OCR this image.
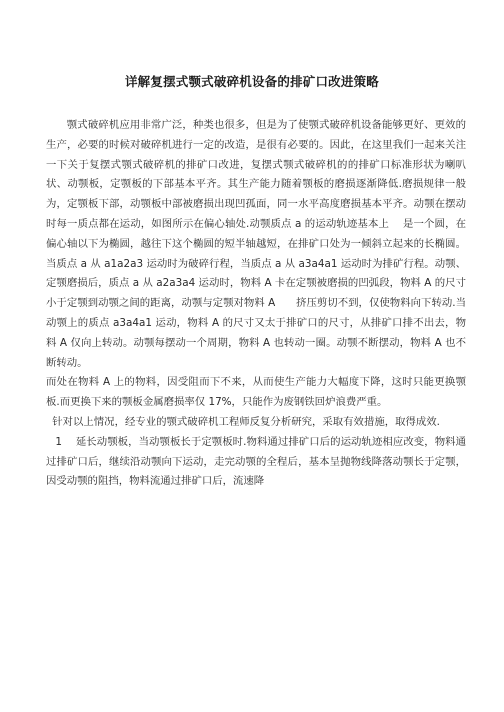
详解复摆式颚式破碎机设备的排矿口改进策略

颚式破碎机应用非常广泛，种类也很多，但是为了使颚式破碎机设备能够更好、更效的生产，必要的时候对破碎机进行一定的改造，是很有必要的。因此，在这里我们一起来关注一下关于复摆式颚式破碎机的排矿口改进，复摆式颚式破碎机的的排矿口标准形状为喇叭状、动颚板，定颚板的下部基本平齐。其生产能力随着颚板的磨损逐渐降低.磨损规律一般为，定颚板下部，动颚板中部被磨损出现凹孤面，同一水平高度磨损基本平齐。动颚在摆动时每一质点都在运动，如图所示在偏心轴处.动颚质点 a 的运动轨迹基本上　 是一个圆，在偏心轴以下为椭圆，越往下这个椭圆的短半轴越短，在排矿口处为一倾斜立起来的长椭圆。当质点 a 从 a1a2a3 运动时为破碎行程，当质点 a 从 a3a4a1 运动时为排矿行程。动颚、定颚磨损后，质点 a 从 a2a3a4 运动时，物料 A 卡在定颚被磨损的凹弧段，物料 A 的尺寸小于定颚到动颚之间的距离，动颚与定颚对物料 A　　挤压剪切不到，仅使物料向下转动.当动颚上的质点 a3a4a1 运动，物料 A 的尺寸又太于排矿口的尺寸，从排矿口排不出去，物料 A 仅向上转动。动颚每摆动一个周期，物料 A 也转动一圈。动颚不断摆动，物料 A 也不断转动。

而处在物料 A 上的物料，因受阻而下不来，从而使生产能力大幅度下降，这时只能更换颚板.而更换下来的颚板金属磨损率仅 17%，只能作为废钢铁回炉浪费严重。

针对以上情况，经专业的颚式破碎机工程师反复分析研究，采取有效措施，取得成效.

1　 延长动颚板，当动颚板长于定颚板时.物料通过排矿口后的运动轨迹相应改变，物料通过排矿口后，继续沿动颚向下运动，走完动颚的全程后，基本呈抛物线降落动颚长于定颚，因受动颚的阻挡，物料流通过排矿口后，流速降
